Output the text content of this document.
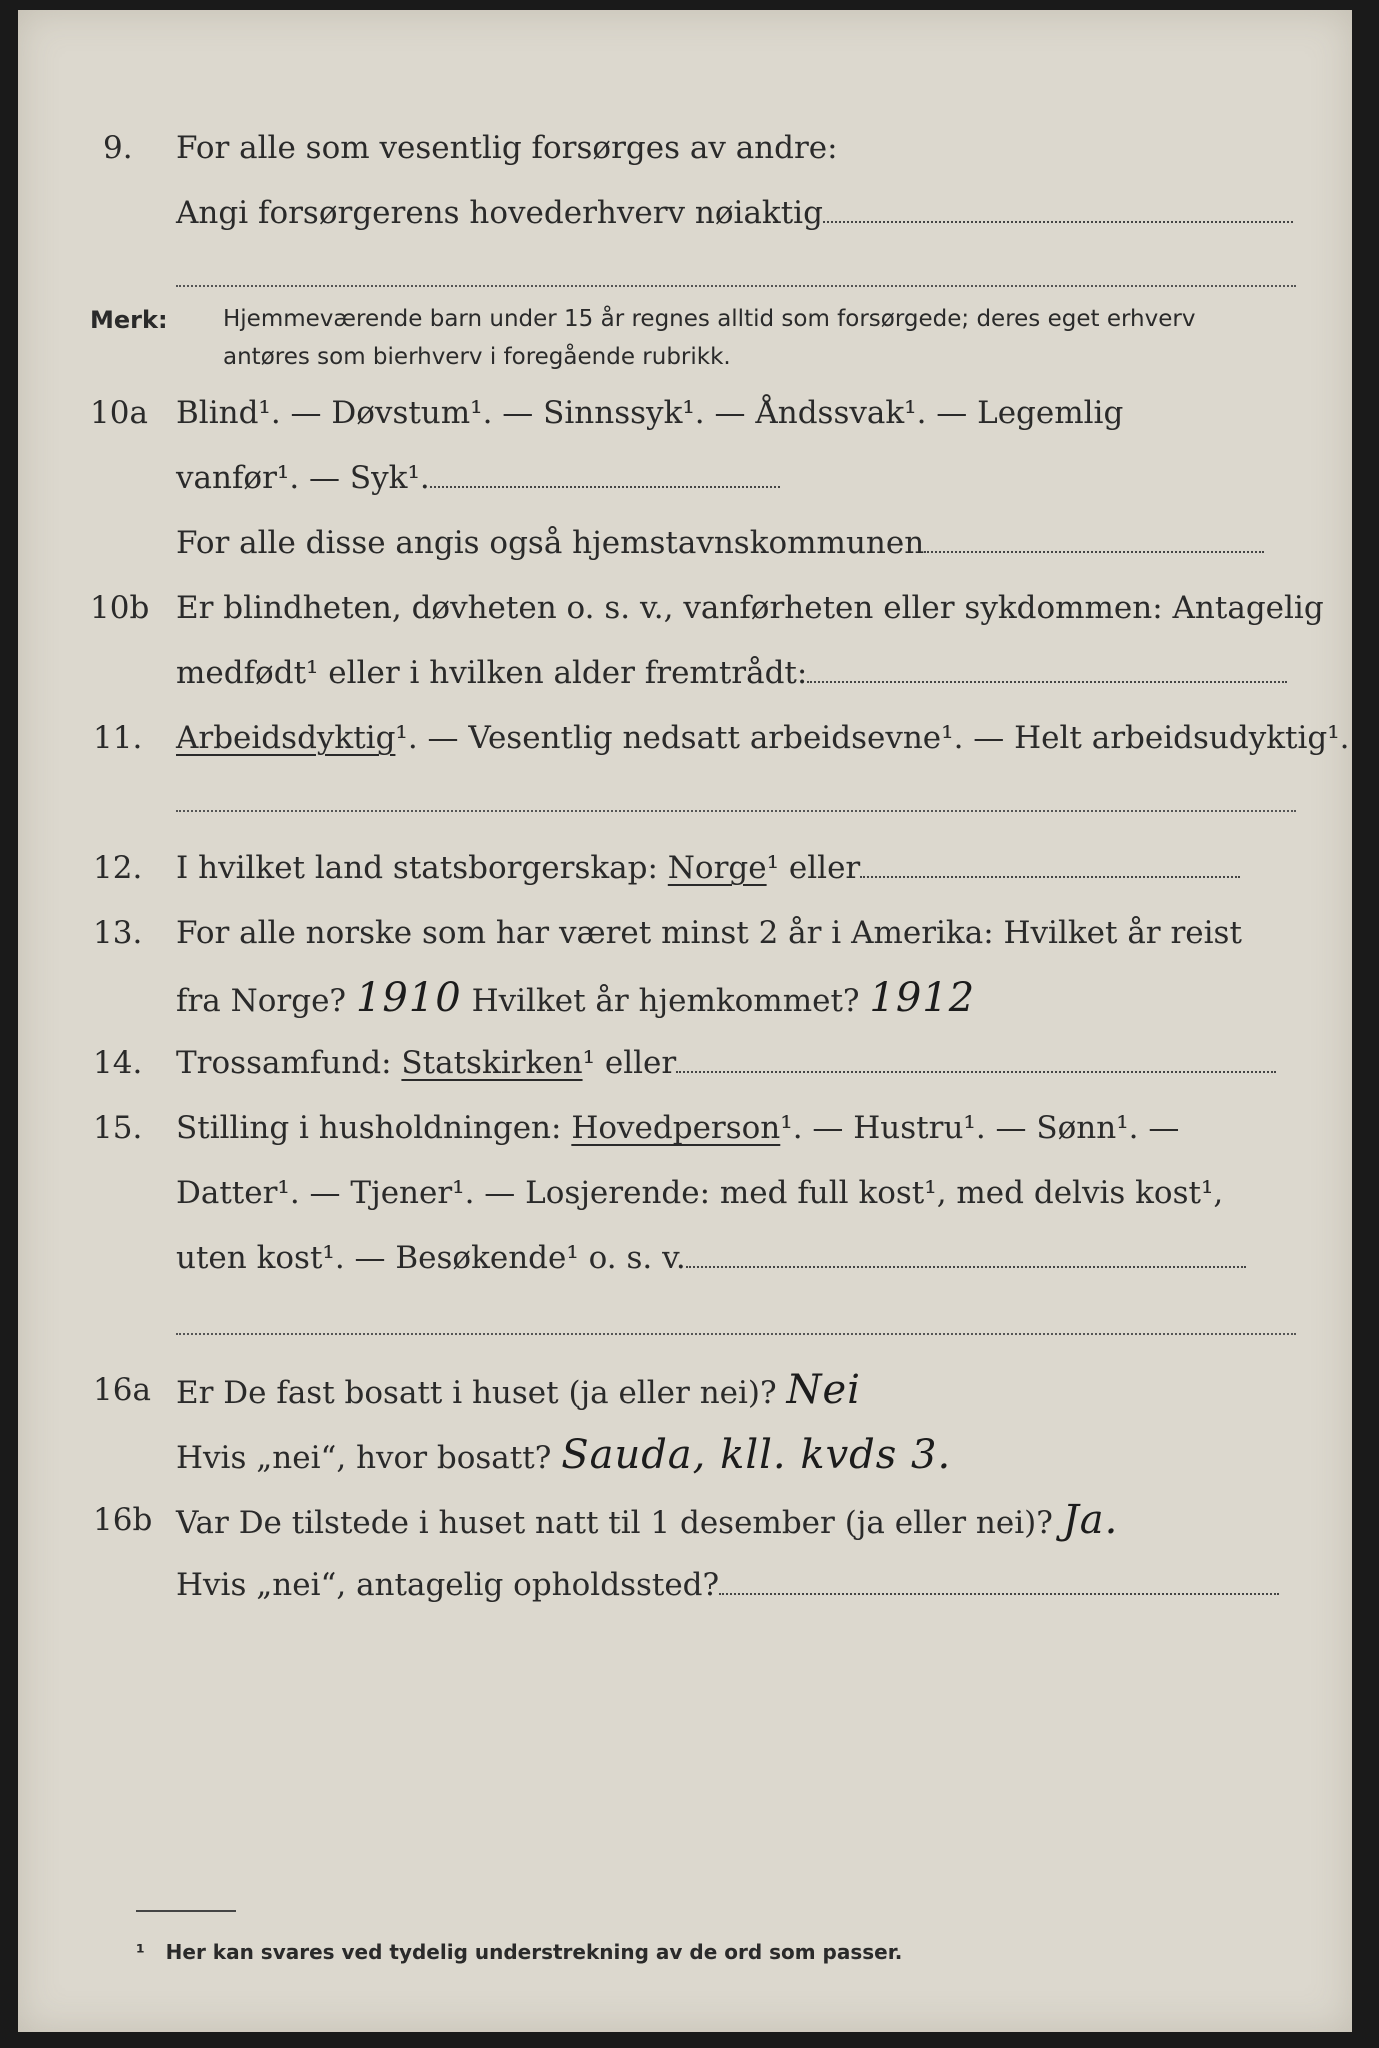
9. For alle som vesentlig forsørges av andre:
Angi forsørgerens hovederhverv nøiaktig
Merk: Hjemmeværende barn under 15 år regnes alltid som forsørgede; deres eget erhverv
antøres som bierhverv i foregående rubrikk.
10a Blind¹. — Døvstum¹. — Sinnssyk¹. — Åndssvak¹. — Legemlig
vanfør¹. — Syk¹.
For alle disse angis også hjemstavnskommunen
10b Er blindheten, døvheten o. s. v., vanførheten eller sykdommen: Antagelig
medfødt¹ eller i hvilken alder fremtrådt:
11. Arbeidsdyktig¹. — Vesentlig nedsatt arbeidsevne¹. — Helt arbeidsudyktig¹.
12. I hvilket land statsborgerskap: Norge¹ eller
13. For alle norske som har været minst 2 år i Amerika: Hvilket år reist
fra Norge? 1910 Hvilket år hjemkommet? 1912
14. Trossamfund: Statskirken¹ eller
15. Stilling i husholdningen: Hovedperson¹. — Hustru¹. — Sønn¹. —
Datter¹. — Tjener¹. — Losjerende: med full kost¹, med delvis kost¹,
uten kost¹. — Besøkende¹ o. s. v.
16a Er De fast bosatt i huset (ja eller nei)? Nei
Hvis „nei“, hvor bosatt? Sauda, kll. kvds 3.
16b Var De tilstede i huset natt til 1 desember (ja eller nei)? Ja.
Hvis „nei“, antagelig opholdssted?
¹ Her kan svares ved tydelig understrekning av de ord som passer.
